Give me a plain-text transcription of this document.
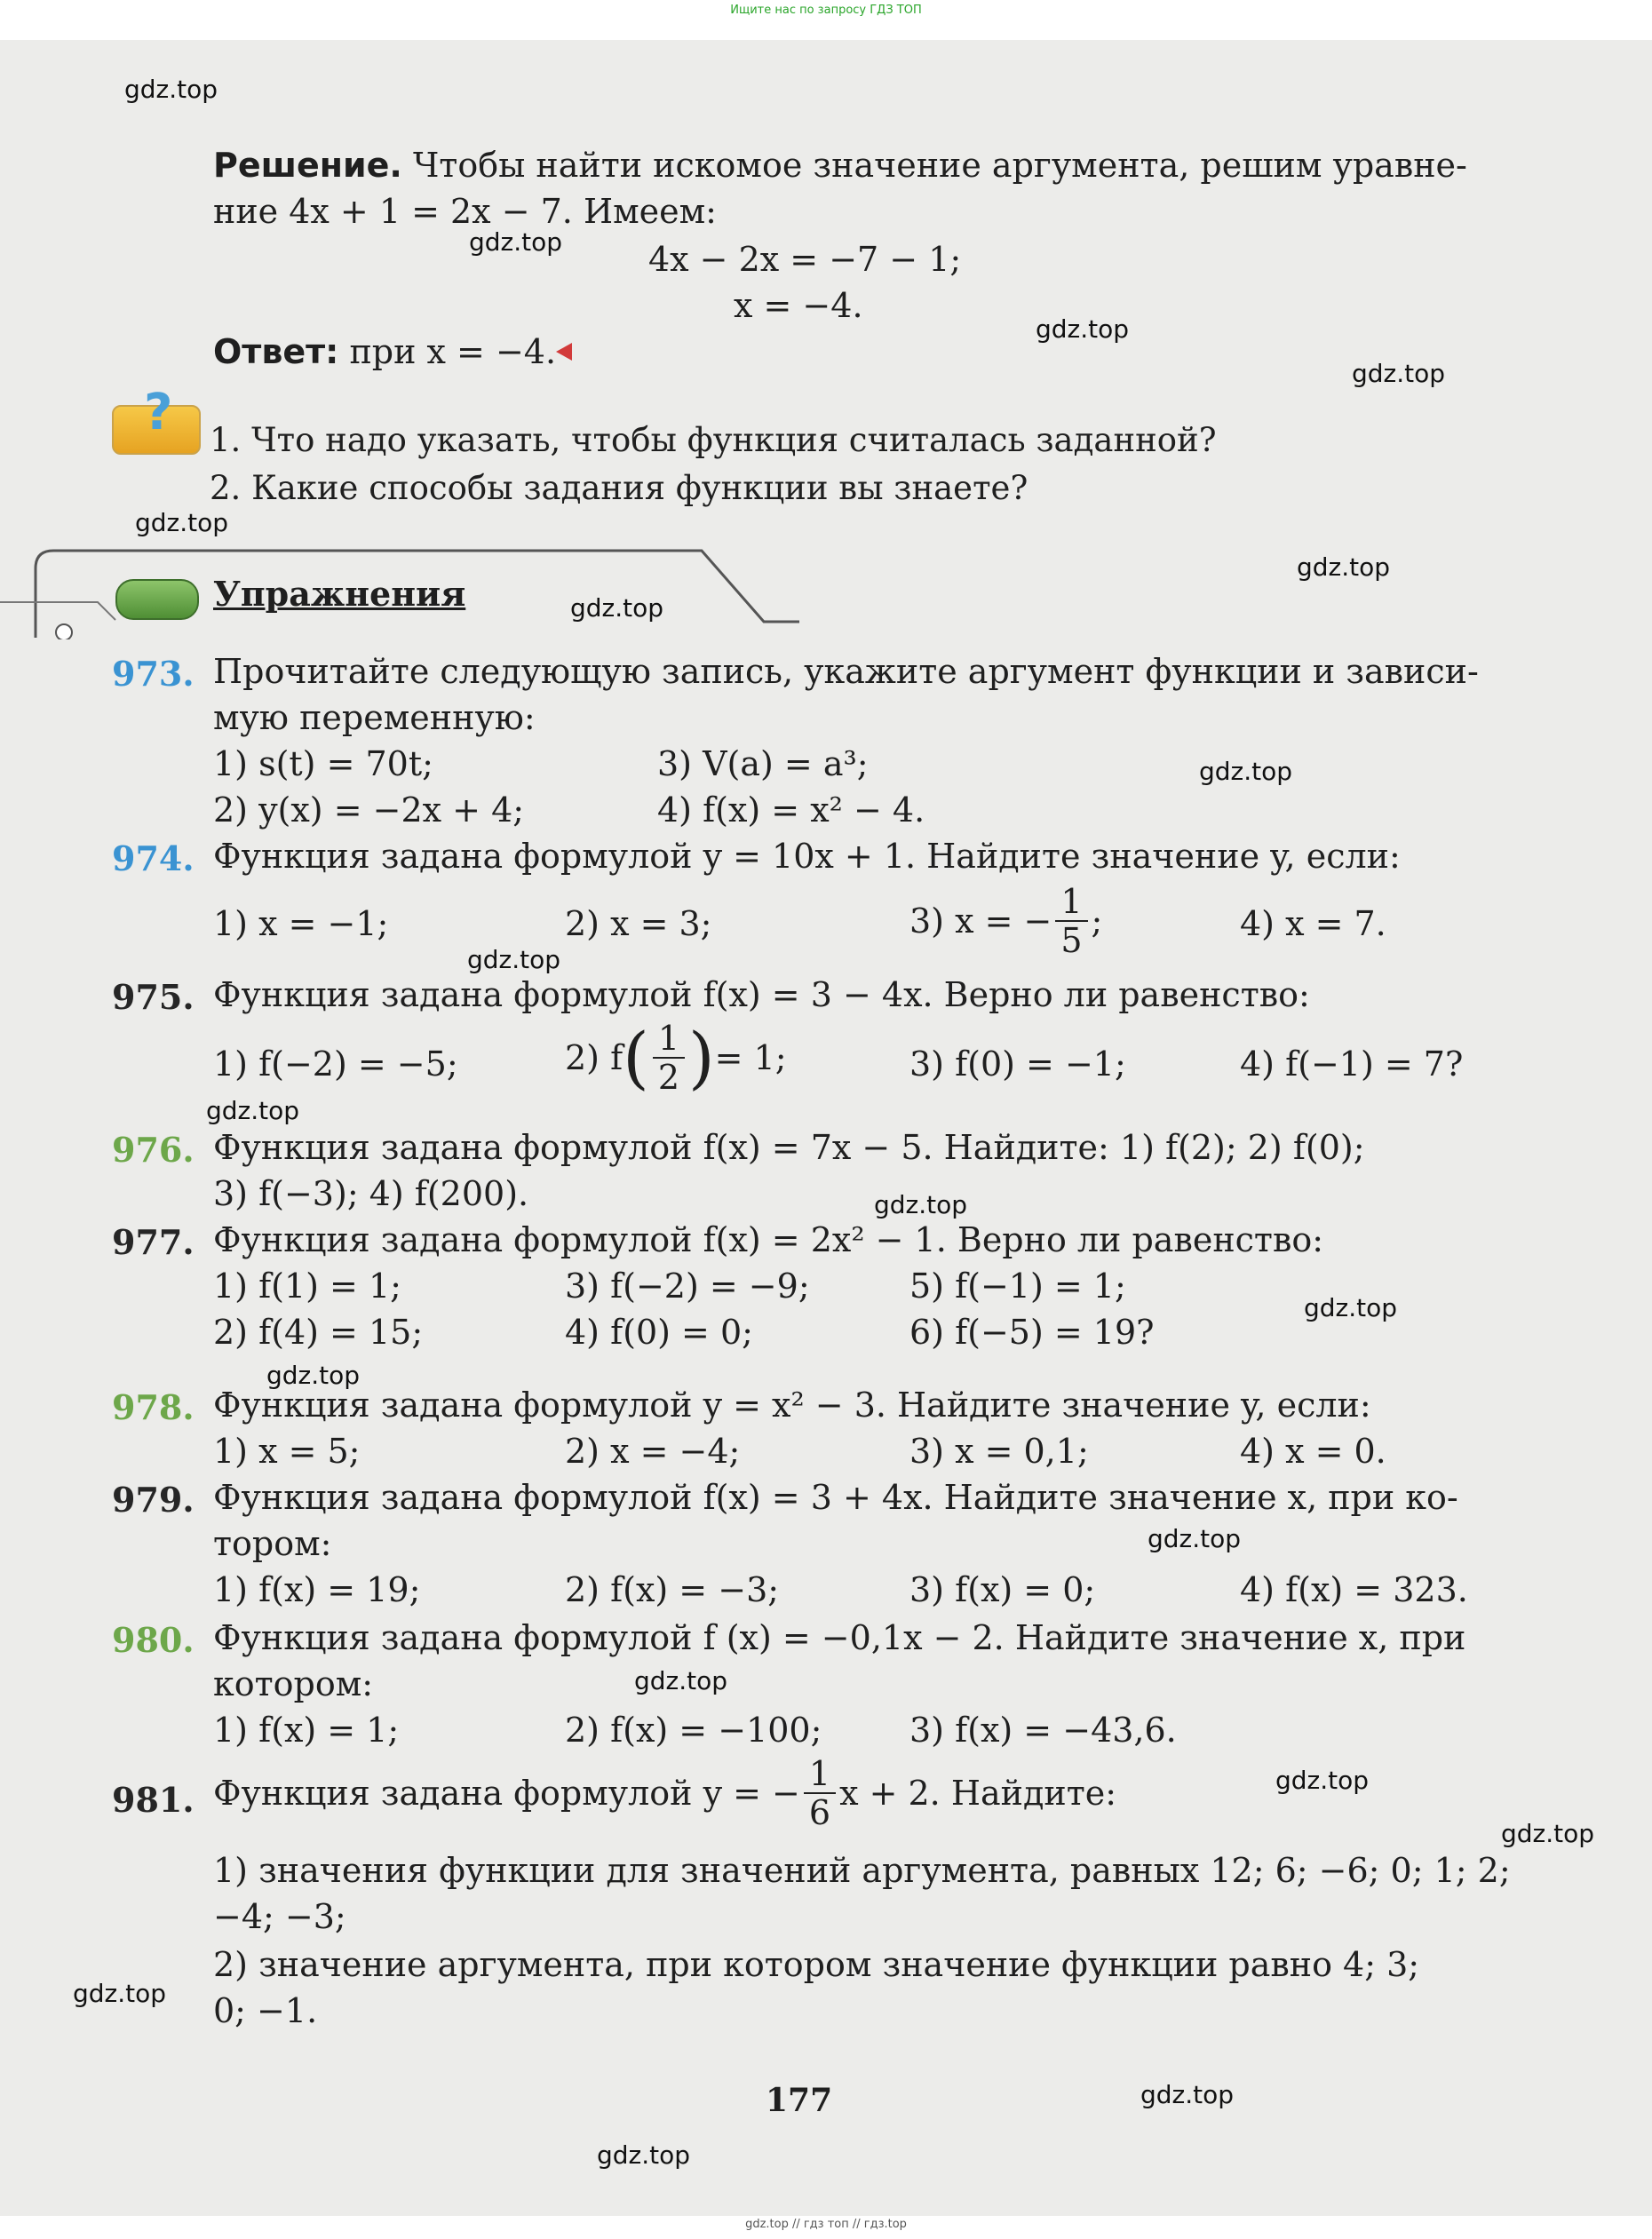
Ищите нас по запросу ГДЗ ТОП
gdz.top
gdz.top
gdz.top
gdz.top
gdz.top
gdz.top
gdz.top
gdz.top
gdz.top
gdz.top
gdz.top
gdz.top
gdz.top
gdz.top
gdz.top
gdz.top
gdz.top
gdz.top
gdz.top
gdz.top
Решение. Чтобы найти искомое значение аргумента, решим уравне-
ние 4x + 1 = 2x − 7. Имеем:
4x − 2x = −7 − 1;
x = −4.
Ответ: при x = −4.
? 1. Что надо указать, чтобы функция считалась заданной?
2. Какие способы задания функции вы знаете?
Упражнения
973. Прочитайте следующую запись, укажите аргумент функции и зависи-
мую переменную:
1) s(t) = 70t;	3) V(a) = a³;
2) y(x) = −2x + 4;	4) f(x) = x² − 4.
974. Функция задана формулой y = 10x + 1. Найдите значение y, если:
1) x = −1;	2) x = 3;	3) x = − $\frac{1}{5}$ ;	4) x = 7.
975. Функция задана формулой f(x) = 3 − 4x. Верно ли равенство:
1) f(−2) = −5;	2) $f( \frac{1}{2}$ )= 1;	3) f(0) = −1;	4) f(−1) = 7?
976. Функция задана формулой f(x) = 7x − 5. Найдите: 1) f(2); 2) f(0);
3) f(−3); 4) f(200).
977. Функция задана формулой f(x) = 2x² − 1. Верно ли равенство:
1) f(1) = 1;	3) f(−2) = −9;	5) f(−1) = 1;
2) f(4) = 15;	4) f(0) = 0;	6) f(−5) = 19?
978. Функция задана формулой y = x² − 3. Найдите значение y, если:
1) x = 5;	2) x = −4;	3) x = 0,1;	4) x = 0.
979. Функция задана формулой f(x) = 3 + 4x. Найдите значение x, при ко-
тором:
1) f(x) = 19;	2) f(x) = −3;	3) f(x) = 0;	4) f(x) = 323.
980. Функция задана формулой f (x) = −0,1x − 2. Найдите значение x, при
котором:
1) f(x) = 1;	2) f(x) = −100;	3) f(x) = −43,6.
981. Функция задана формулой y = − $\frac{1}{6}$ x + 2. Найдите:
1) значения функции для значений аргумента, равных 12; 6; −6; 0; 1; 2;
−4; −3;
2) значение аргумента, при котором значение функции равно 4; 3;
0; −1.
177
gdz.top // гдз топ // гдз.top
